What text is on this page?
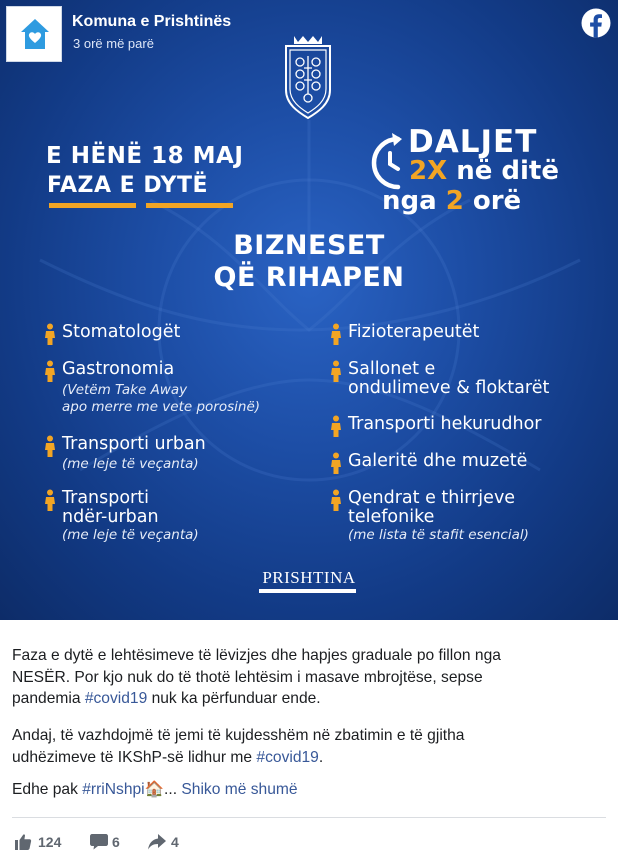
Komuna e Prishtinës
3 orë më parë
E HËNË 18 MAJ
FAZA E DYTË
DALJET
2X në ditë
nga 2 orë
BIZNESET
QË RIHAPEN
Stomatologët
Gastronomia
(Vetëm Take Away
apo merre me vete porosinë)
Transporti urban
(me leje të veçanta)
Transporti
ndër-urban
(me leje të veçanta)
Fizioterapeutët
Sallonet e
ondulimeve & floktarët
Transporti hekurudhor
Galeritë dhe muzetë
Qendrat e thirrjeve
telefonike
(me lista të stafit esencial)
PRISHTINA
Faza e dytë e lehtësimeve të lëvizjes dhe hapjes graduale po fillon nga
NESËR. Por kjo nuk do të thotë lehtësim i masave mbrojtëse, sepse
pandemia #covid19 nuk ka përfunduar ende.
Andaj, të vazhdojmë të jemi të kujdesshëm në zbatimin e të gjitha
udhëzimeve të IKShP-së lidhur me #covid19.
Edhe pak #rriNshpi🏠... Shiko më shumë
124	6	4
